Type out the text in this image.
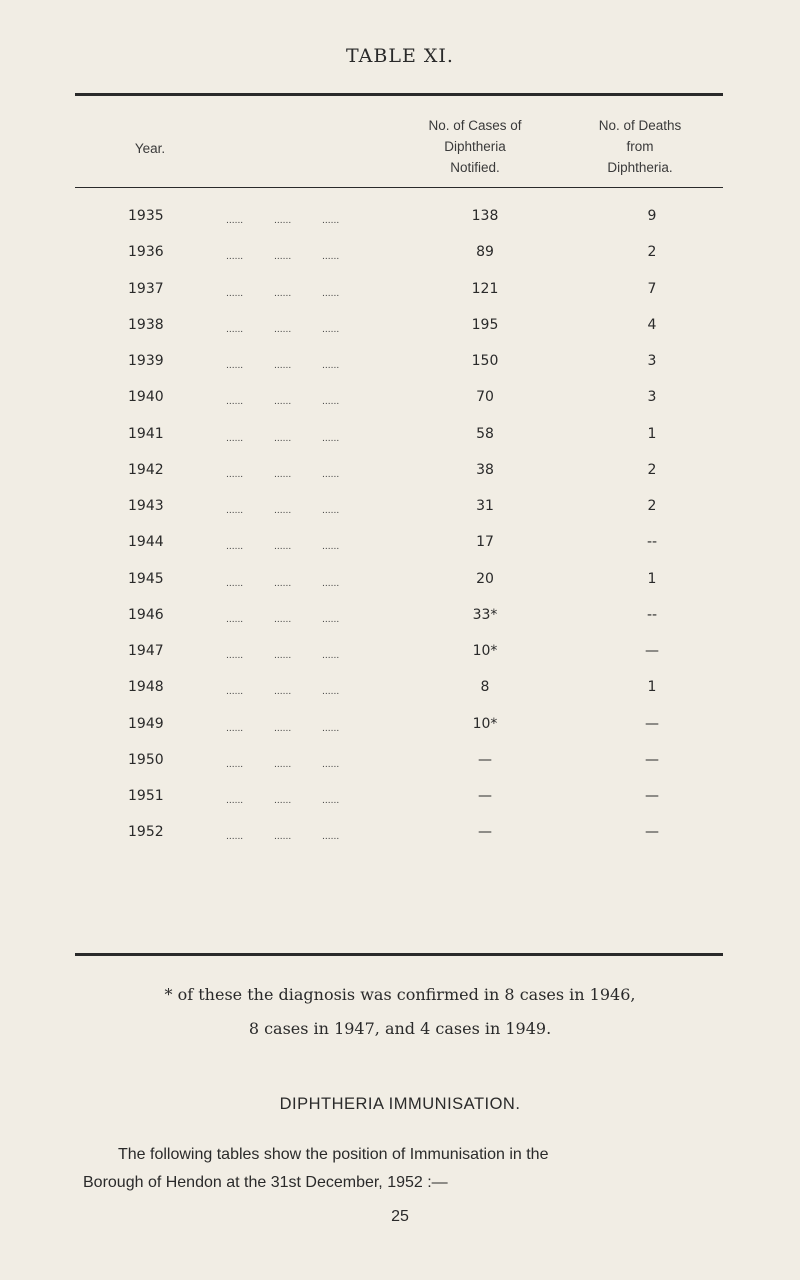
TABLE XI.
Year.
No. of Cases of
Diphtheria
Notified.
No. of Deaths
from
Diphtheria.
1935	...... ...... ......	138	9
1936	...... ...... ......	89	2
1937	...... ...... ......	121	7
1938	...... ...... ......	195	4
1939	...... ...... ......	150	3
1940	...... ...... ......	70	3
1941	...... ...... ......	58	1
1942	...... ...... ......	38	2
1943	...... ...... ......	31	2
1944	...... ...... ......	17	--
1945	...... ...... ......	20	1
1946	...... ...... ......	33*	--
1947	...... ...... ......	10*	—
1948	...... ...... ......	8	1
1949	...... ...... ......	10*	—
1950	...... ...... ......	—	—
1951	...... ...... ......	—	—
1952	...... ...... ......	—	—
* of these the diagnosis was confirmed in 8 cases in 1946,
8 cases in 1947, and 4 cases in 1949.
DIPHTHERIA IMMUNISATION.
The following tables show the position of Immunisation in the
Borough of Hendon at the 31st December, 1952 :—
25
